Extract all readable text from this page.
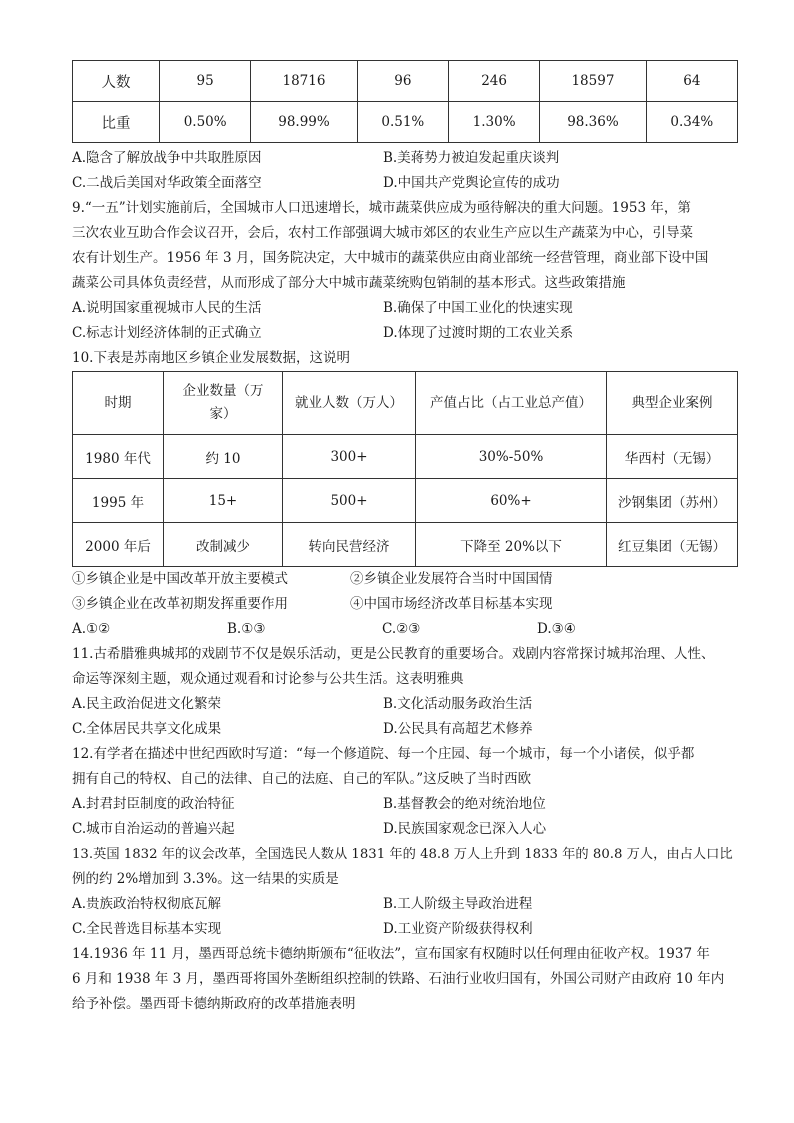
人数	95	18716	96	246	18597	64
比重	0.50%	98.99%	0.51%	1.30%	98.36%	0.34%
A.隐含了解放战争中共取胜原因	B.美蒋势力被迫发起重庆谈判
C.二战后美国对华政策全面落空	D.中国共产党舆论宣传的成功
9.“一五”计划实施前后，全国城市人口迅速增长，城市蔬菜供应成为亟待解决的重大问题。1953 年，第
三次农业互助合作会议召开，会后，农村工作部强调大城市郊区的农业生产应以生产蔬菜为中心，引导菜
农有计划生产。1956 年 3 月，国务院决定，大中城市的蔬菜供应由商业部统一经营管理，商业部下设中国
蔬菜公司具体负责经营，从而形成了部分大中城市蔬菜统购包销制的基本形式。这些政策措施
A.说明国家重视城市人民的生活	B.确保了中国工业化的快速实现
C.标志计划经济体制的正式确立	D.体现了过渡时期的工农业关系
10.下表是苏南地区乡镇企业发展数据，这说明
时期	企业数量（万
家）	就业人数（万人）	产值占比（占工业总产值）	典型企业案例
1980 年代	约 10	300+	30%-50%	华西村（无锡）
1995 年	15+	500+	60%+	沙钢集团（苏州）
2000 年后	改制减少	转向民营经济	下降至 20%以下	红豆集团（无锡）
①乡镇企业是中国改革开放主要模式	②乡镇企业发展符合当时中国国情
③乡镇企业在改革初期发挥重要作用	④中国市场经济改革目标基本实现
A.①②	B.①③	C.②③	D.③④
11.古希腊雅典城邦的戏剧节不仅是娱乐活动，更是公民教育的重要场合。戏剧内容常探讨城邦治理、人性、
命运等深刻主题，观众通过观看和讨论参与公共生活。这表明雅典
A.民主政治促进文化繁荣	B.文化活动服务政治生活
C.全体居民共享文化成果	D.公民具有高超艺术修养
12.有学者在描述中世纪西欧时写道：“每一个修道院、每一个庄园、每一个城市，每一个小诸侯，似乎都
拥有自己的特权、自己的法律、自己的法庭、自己的军队。”这反映了当时西欧
A.封君封臣制度的政治特征	B.基督教会的绝对统治地位
C.城市自治运动的普遍兴起	D.民族国家观念已深入人心
13.英国 1832 年的议会改革，全国选民人数从 1831 年的 48.8 万人上升到 1833 年的 80.8 万人，由占人口比
例的约 2%增加到 3.3%。这一结果的实质是
A.贵族政治特权彻底瓦解	B.工人阶级主导政治进程
C.全民普选目标基本实现	D.工业资产阶级获得权利
14.1936 年 11 月，墨西哥总统卡德纳斯颁布“征收法”，宣布国家有权随时以任何理由征收产权。1937 年
6 月和 1938 年 3 月，墨西哥将国外垄断组织控制的铁路、石油行业收归国有，外国公司财产由政府 10 年内
给予补偿。墨西哥卡德纳斯政府的改革措施表明
